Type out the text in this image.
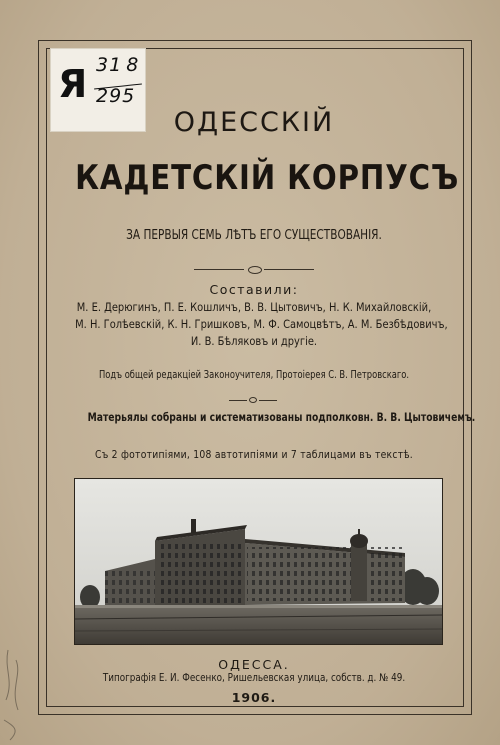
Я 31 8
295
ОДЕССКІЙ
КАДЕТСКІЙ КОРПУСЪ
ЗА ПЕРВЫЯ СЕМЬ ЛѢТЪ ЕГО СУЩЕСТВОВАНІЯ.
Составили:
М. Е. Дерюгинъ, П. Е. Кошличъ, В. В. Цытовичъ, Н. К. Михайловскій,
М. Н. Голѣевскій, К. Н. Гришковъ, М. Ф. Самоцвѣтъ, А. М. Безбѣдовичъ,
И. В. Бѣляковъ и другіе.
Подъ общей редакціей Законоучителя, Протоіерея С. В. Петровскаго.
Матерьялы собраны и систематизованы подполковн. В. В. Цытовичемъ.
Съ 2 фототипіями, 108 автотипіями и 7 таблицами въ текстѣ.
ОДЕССА.
Типографія Е. И. Фесенко, Ришельевская улица, собств. д. № 49.
1906.
